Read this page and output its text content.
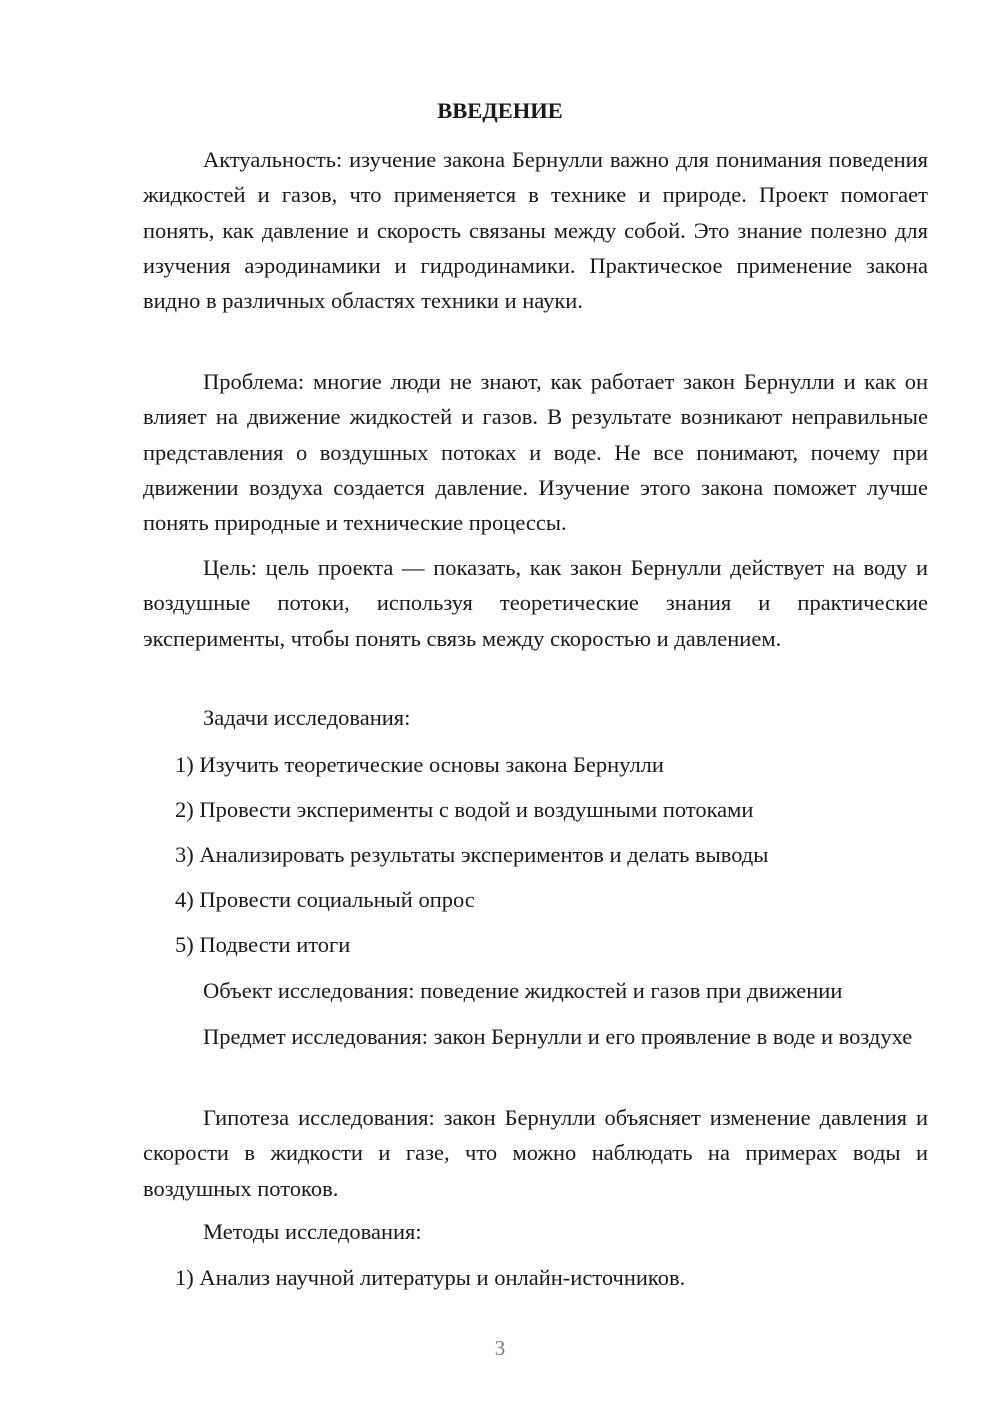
ВВЕДЕНИЕ

Актуальность: изучение закона Бернулли важно для понимания поведения жидкостей и газов, что применяется в технике и природе. Проект помогает понять, как давление и скорость связаны между собой. Это знание полезно для изучения аэродинамики и гидродинамики. Практическое применение закона видно в различных областях техники и науки.

Проблема: многие люди не знают, как работает закон Бернулли и как он влияет на движение жидкостей и газов. В результате возникают неправильные представления о воздушных потоках и воде. Не все понимают, почему при движении воздуха создается давление. Изучение этого закона поможет лучше понять природные и технические процессы.

Цель: цель проекта — показать, как закон Бернулли действует на воду и воздушные потоки, используя теоретические знания и практические эксперименты, чтобы понять связь между скоростью и давлением.

Задачи исследования:

1) Изучить теоретические основы закона Бернулли

2) Провести эксперименты с водой и воздушными потоками

3) Анализировать результаты экспериментов и делать выводы

4) Провести социальный опрос

5) Подвести итоги

Объект исследования: поведение жидкостей и газов при движении

Предмет исследования: закон Бернулли и его проявление в воде и воздухе

Гипотеза исследования: закон Бернулли объясняет изменение давления и скорости в жидкости и газе, что можно наблюдать на примерах воды и воздушных потоков.

Методы исследования:

1) Анализ научной литературы и онлайн-источников.

3
